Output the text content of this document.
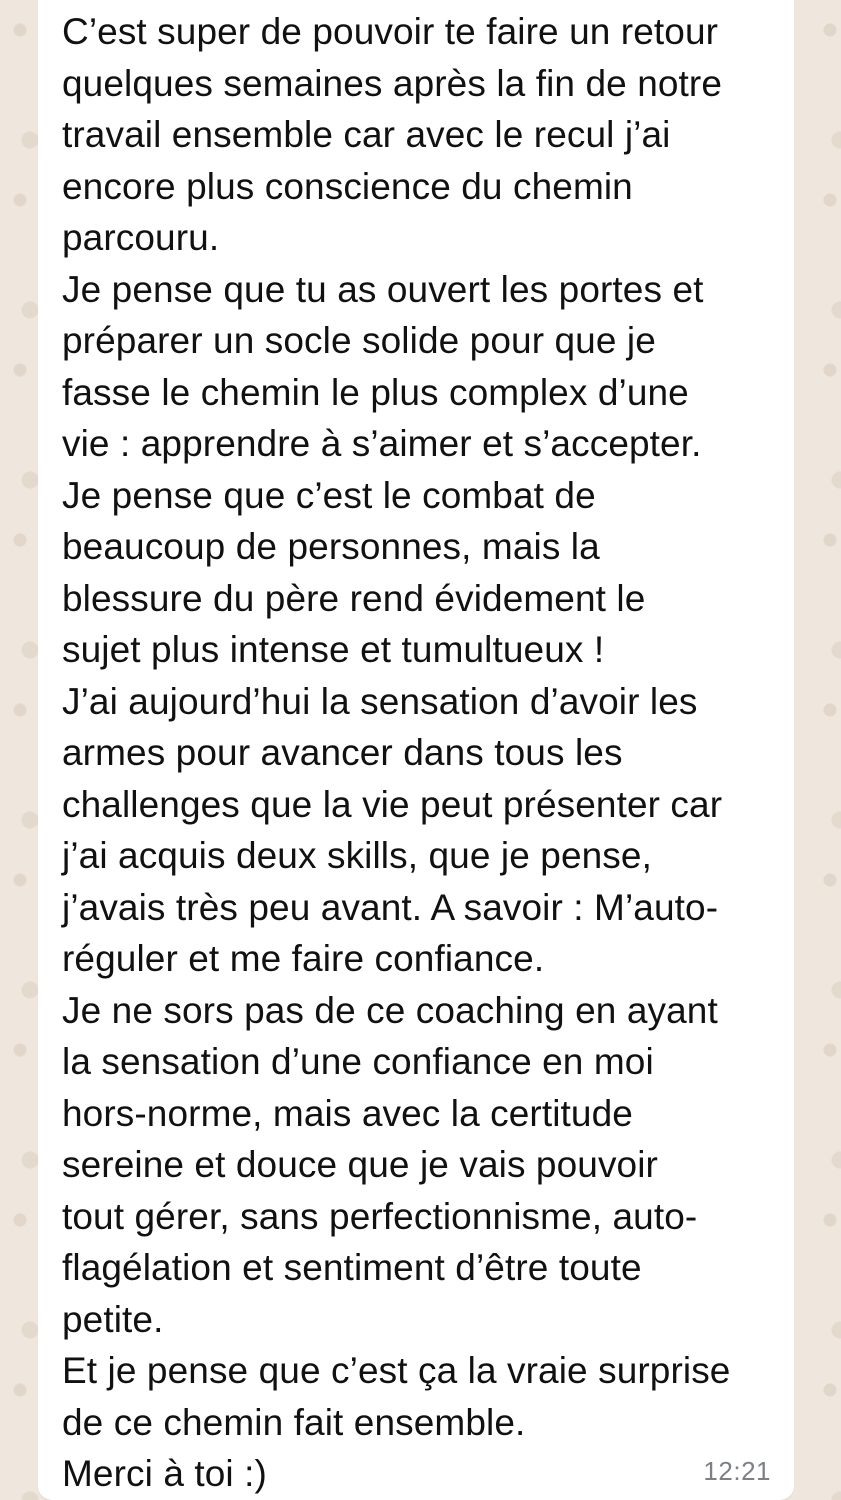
C’est super de pouvoir te faire un retour
quelques semaines après la fin de notre
travail ensemble car avec le recul j’ai
encore plus conscience du chemin
parcouru.
Je pense que tu as ouvert les portes et
préparer un socle solide pour que je
fasse le chemin le plus complex d’une
vie : apprendre à s’aimer et s’accepter.
Je pense que c’est le combat de
beaucoup de personnes, mais la
blessure du père rend évidement le
sujet plus intense et tumultueux !
J’ai aujourd’hui la sensation d’avoir les
armes pour avancer dans tous les
challenges que la vie peut présenter car
j’ai acquis deux skills, que je pense,
j’avais très peu avant. A savoir : M’auto-
réguler et me faire confiance.
Je ne sors pas de ce coaching en ayant
la sensation d’une confiance en moi
hors-norme, mais avec la certitude
sereine et douce que je vais pouvoir
tout gérer, sans perfectionnisme, auto-
flagélation et sentiment d’être toute
petite.
Et je pense que c’est ça la vraie surprise
de ce chemin fait ensemble.
Merci à toi :)	12:21
